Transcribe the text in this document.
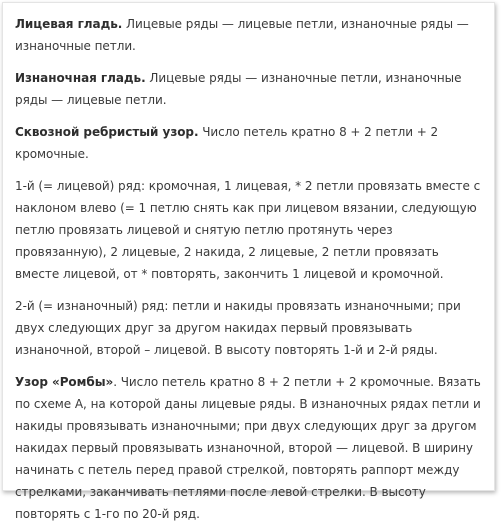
Лицевая гладь. Лицевые ряды — лицевые петли, изнаночные ряды — изнаночные петли.

Изнаночная гладь. Лицевые ряды — изнаночные петли, изнаночные ряды — лицевые петли.

Сквозной ребристый узор. Число петель кратно 8 + 2 петли + 2 кромочные.

1-й (= лицевой) ряд: кромочная, 1 лицевая, * 2 петли провязать вместе с наклоном влево (= 1 петлю снять как при лицевом вязании, следующую петлю провязать лицевой и снятую петлю протянуть через провязанную), 2 лицевые, 2 накида, 2 лицевые, 2 петли провязать вместе лицевой, от * повторять, закончить 1 лицевой и кромочной.

2-й (= изнаночный) ряд: петли и накиды провязать изнаночными; при двух следующих друг за другом накидах первый провязывать изнаночной, второй – лицевой. В высоту повторять 1-й и 2-й ряды.

Узор «Ромбы». Число петель кратно 8 + 2 петли + 2 кромочные. Вязать по схеме А, на которой даны лицевые ряды. В изнаночных рядах петли и накиды провязывать изнаночными; при двух следующих друг за другом накидах первый провязывать изнаночной, второй — лицевой. В ширину начинать с петель перед правой стрелкой, повторять раппорт между стрелками, заканчивать петлями после левой стрелки. В высоту повторять с 1-го по 20-й ряд.
